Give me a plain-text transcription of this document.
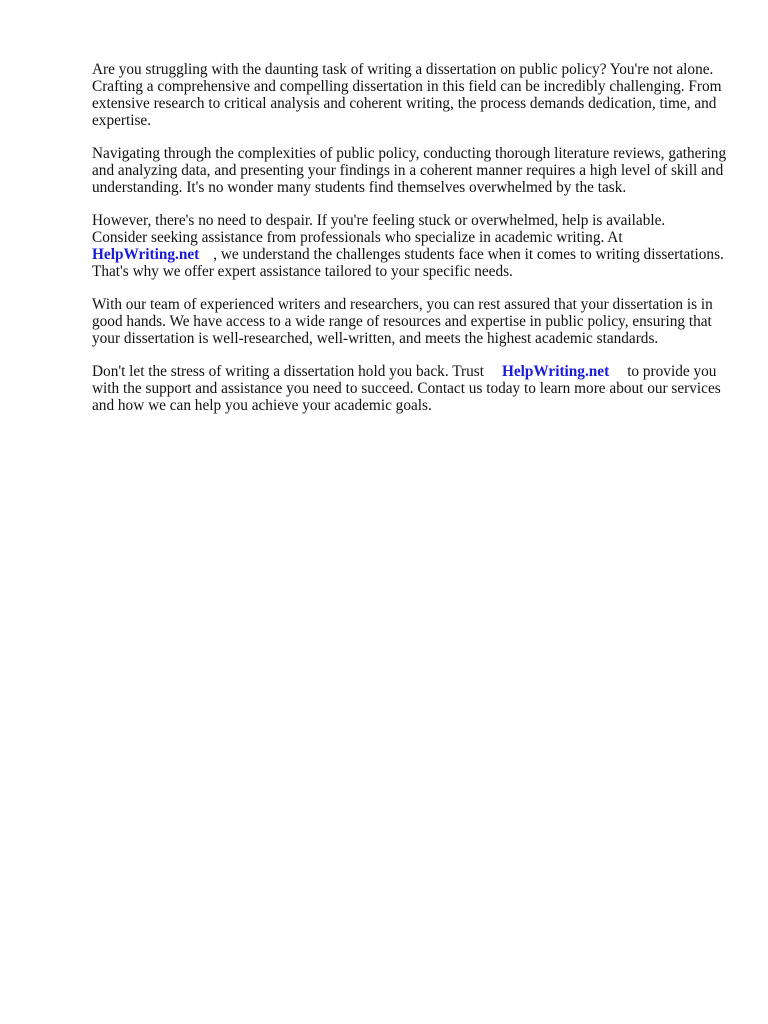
Are you struggling with the daunting task of writing a dissertation on public policy? You're not alone. Crafting a comprehensive and compelling dissertation in this field can be incredibly challenging. From extensive research to critical analysis and coherent writing, the process demands dedication, time, and expertise.

Navigating through the complexities of public policy, conducting thorough literature reviews, gathering and analyzing data, and presenting your findings in a coherent manner requires a high level of skill and understanding. It's no wonder many students find themselves overwhelmed by the task.

However, there's no need to despair. If you're feeling stuck or overwhelmed, help is available.
Consider seeking assistance from professionals who specialize in academic writing. At
HelpWriting.net , we understand the challenges students face when it comes to writing dissertations. That's why we offer expert assistance tailored to your specific needs.

With our team of experienced writers and researchers, you can rest assured that your dissertation is in good hands. We have access to a wide range of resources and expertise in public policy, ensuring that your dissertation is well-researched, well-written, and meets the highest academic standards.

Don't let the stress of writing a dissertation hold you back. Trust HelpWriting.net to provide you with the support and assistance you need to succeed. Contact us today to learn more about our services and how we can help you achieve your academic goals.
